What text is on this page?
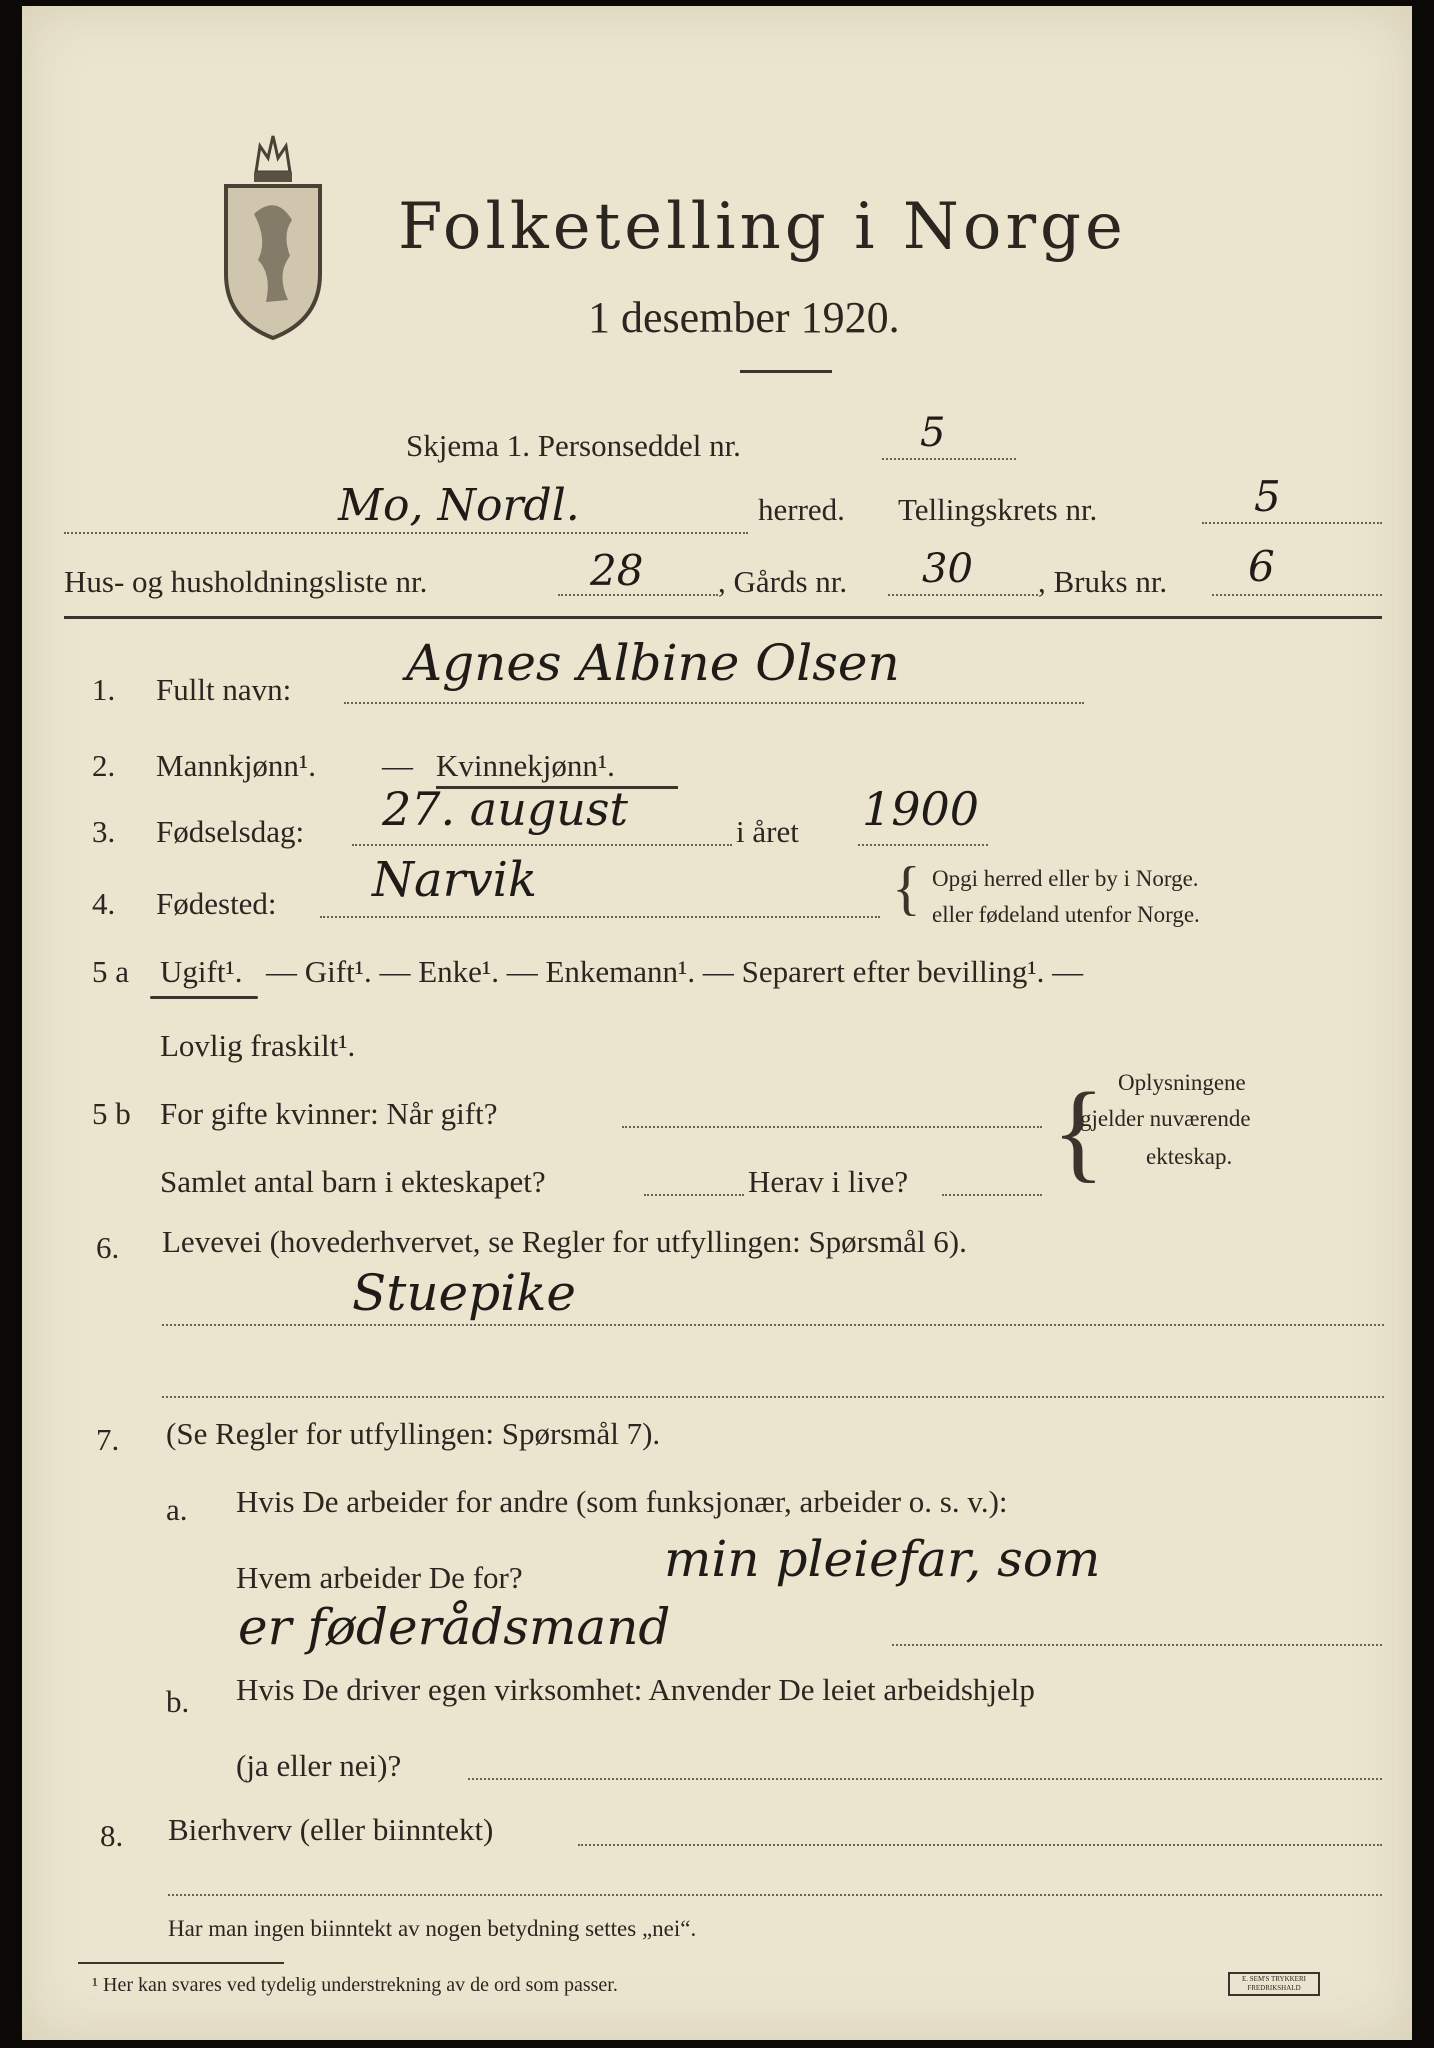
Folketelling i Norge
1 desember 1920.
Skjema 1. Personseddel nr.	5
Mo, Nordl.	herred. Tellingskrets nr.	5
Hus- og husholdningsliste nr.	28 , Gårds nr. 30 , Bruks nr. 6
1. Fullt navn: Agnes Albine Olsen
2. Mannkjønn¹. — Kvinnekjønn¹.
3. Fødselsdag: 27. august	i året 1900
4. Fødested: Narvik	{ Opgi herred eller by i Norge.
eller fødeland utenfor Norge.
5 a Ugift¹. — Gift¹. — Enke¹. — Enkemann¹. — Separert efter bevilling¹. —
Lovlig fraskilt¹.
5 b For gifte kvinner: Når gift?
Samlet antal barn i ekteskapet?	Herav i live? { Oplysningene
gjelder nuværende
ekteskap.
6. Levevei (hovederhvervet, se Regler for utfyllingen: Spørsmål 6).
Stuepike
7. (Se Regler for utfyllingen: Spørsmål 7).
a. Hvis De arbeider for andre (som funksjonær, arbeider o. s. v.):
Hvem arbeider De for?	min pleiefar, som
er føderådsmand
b. Hvis De driver egen virksomhet: Anvender De leiet arbeidshjelp
(ja eller nei)?
8. Bierhverv (eller biinntekt)
Har man ingen biinntekt av nogen betydning settes „nei“.
¹ Her kan svares ved tydelig understrekning av de ord som passer.	E. SEM'S TRYKKERI FREDRIKSHALD
